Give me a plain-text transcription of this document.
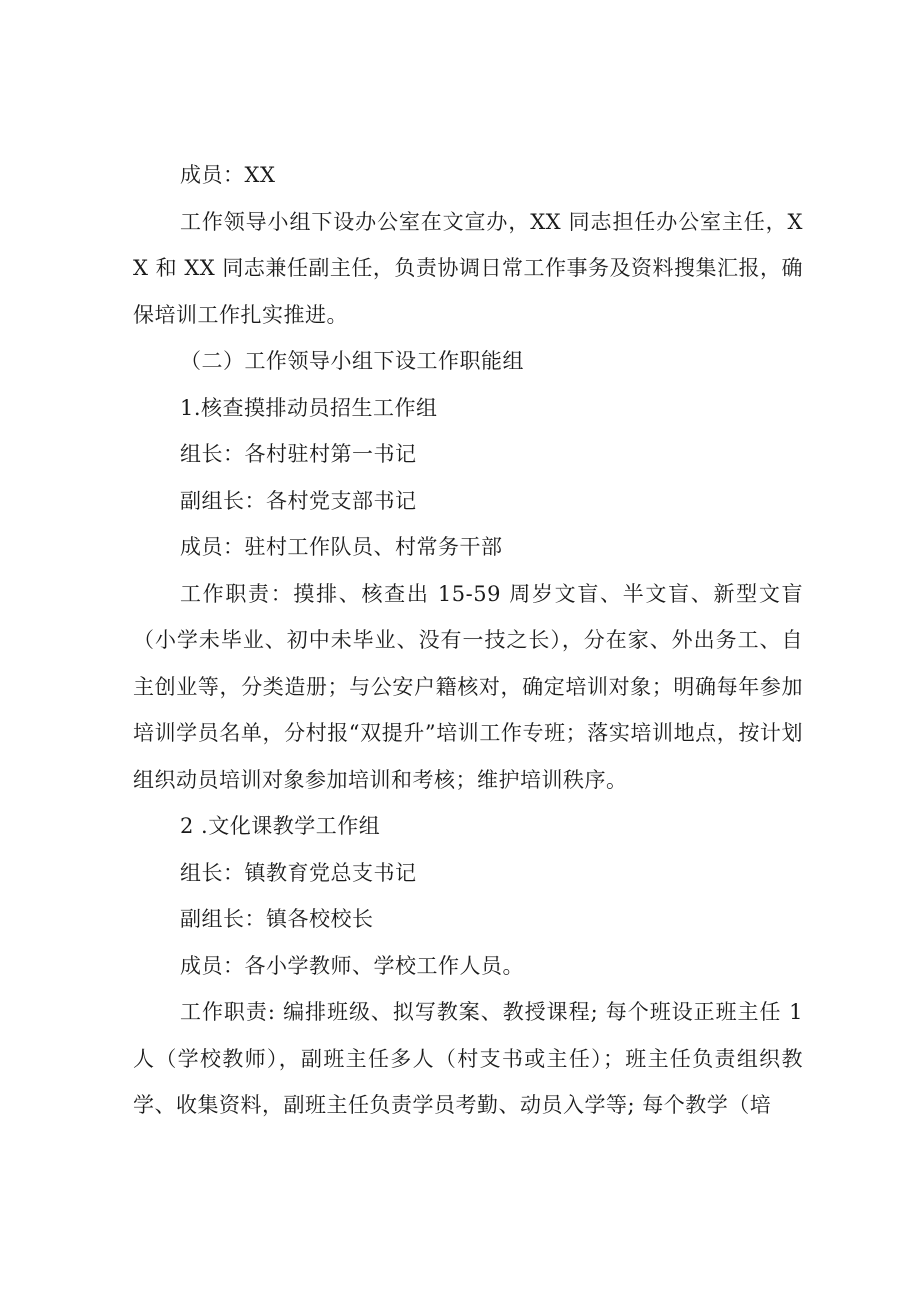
成员：XX

工作领导小组下设办公室在文宣办，XX 同志担任办公室主任，XX 和 XX 同志兼任副主任，负责协调日常工作事务及资料搜集汇报，确保培训工作扎实推进。

（二）工作领导小组下设工作职能组

1.核查摸排动员招生工作组

组长：各村驻村第一书记

副组长：各村党支部书记

成员：驻村工作队员、村常务干部

工作职责：摸排、核查出 15-59 周岁文盲、半文盲、新型文盲（小学未毕业、初中未毕业、没有一技之长），分在家、外出务工、自主创业等，分类造册；与公安户籍核对，确定培训对象；明确每年参加培训学员名单，分村报“双提升”培训工作专班；落实培训地点，按计划组织动员培训对象参加培训和考核；维护培训秩序。

2 .文化课教学工作组

组长：镇教育党总支书记

副组长：镇各校校长

成员：各小学教师、学校工作人员。

工作职责: 编排班级、拟写教案、教授课程; 每个班设正班主任 1 人（学校教师），副班主任多人（村支书或主任）；班主任负责组织教学、收集资料，副班主任负责学员考勤、动员入学等; 每个教学（培
